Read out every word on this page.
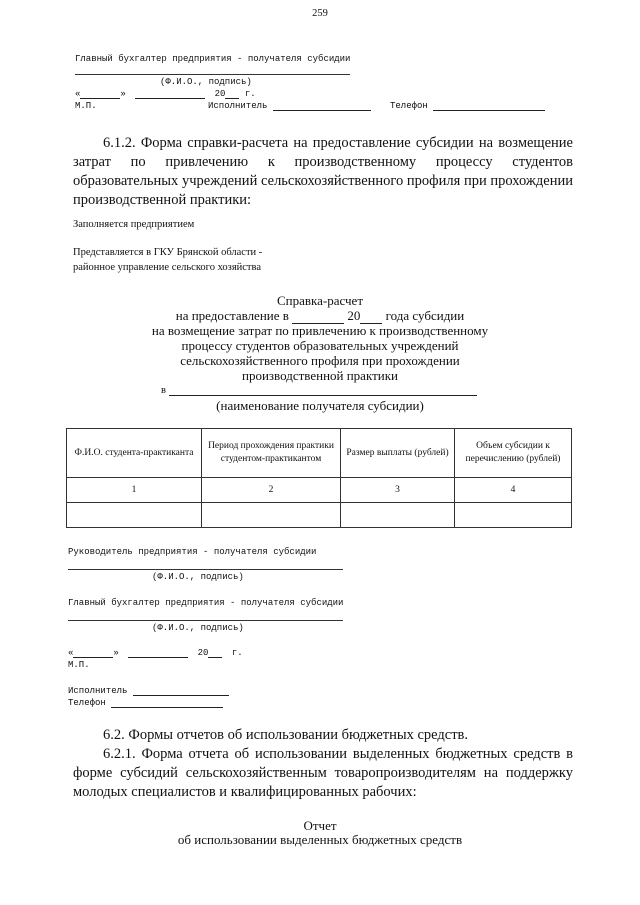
259
Главный бухгалтер предприятия - получателя субсидии
(Ф.И.О., подпись)
«	»	20 г.
М.П.	Исполнитель	Телефон
6.1.2. Форма справки-расчета на предоставление субсидии на возмещение затрат по привлечению к производственному процессу студентов образовательных учреждений сельскохозяйственного профиля при прохождении производственной практики:
Заполняется предприятием
Представляется в ГКУ Брянской области -
районное управление сельского хозяйства
Справка-расчет
на предоставление в	20 года субсидии
на возмещение затрат по привлечению к производственному
процессу студентов образовательных учреждений
сельскохозяйственного профиля при прохождении
производственной практики
в
(наименование получателя субсидии)
Ф.И.О. студента-практиканта	Период прохождения практики студентом-практикантом	Размер выплаты (рублей)	Объем субсидии к перечислению (рублей)
1	2	3	4

Руководитель предприятия - получателя субсидии
(Ф.И.О., подпись)
Главный бухгалтер предприятия - получателя субсидии
(Ф.И.О., подпись)
«	»	20	г.
М.П.
Исполнитель
Телефон
6.2. Формы отчетов об использовании бюджетных средств.
6.2.1. Форма отчета об использовании выделенных бюджетных средств в форме субсидий сельскохозяйственным товаропроизводителям на поддержку молодых специалистов и квалифицированных рабочих:
Отчет
об использовании выделенных бюджетных средств
